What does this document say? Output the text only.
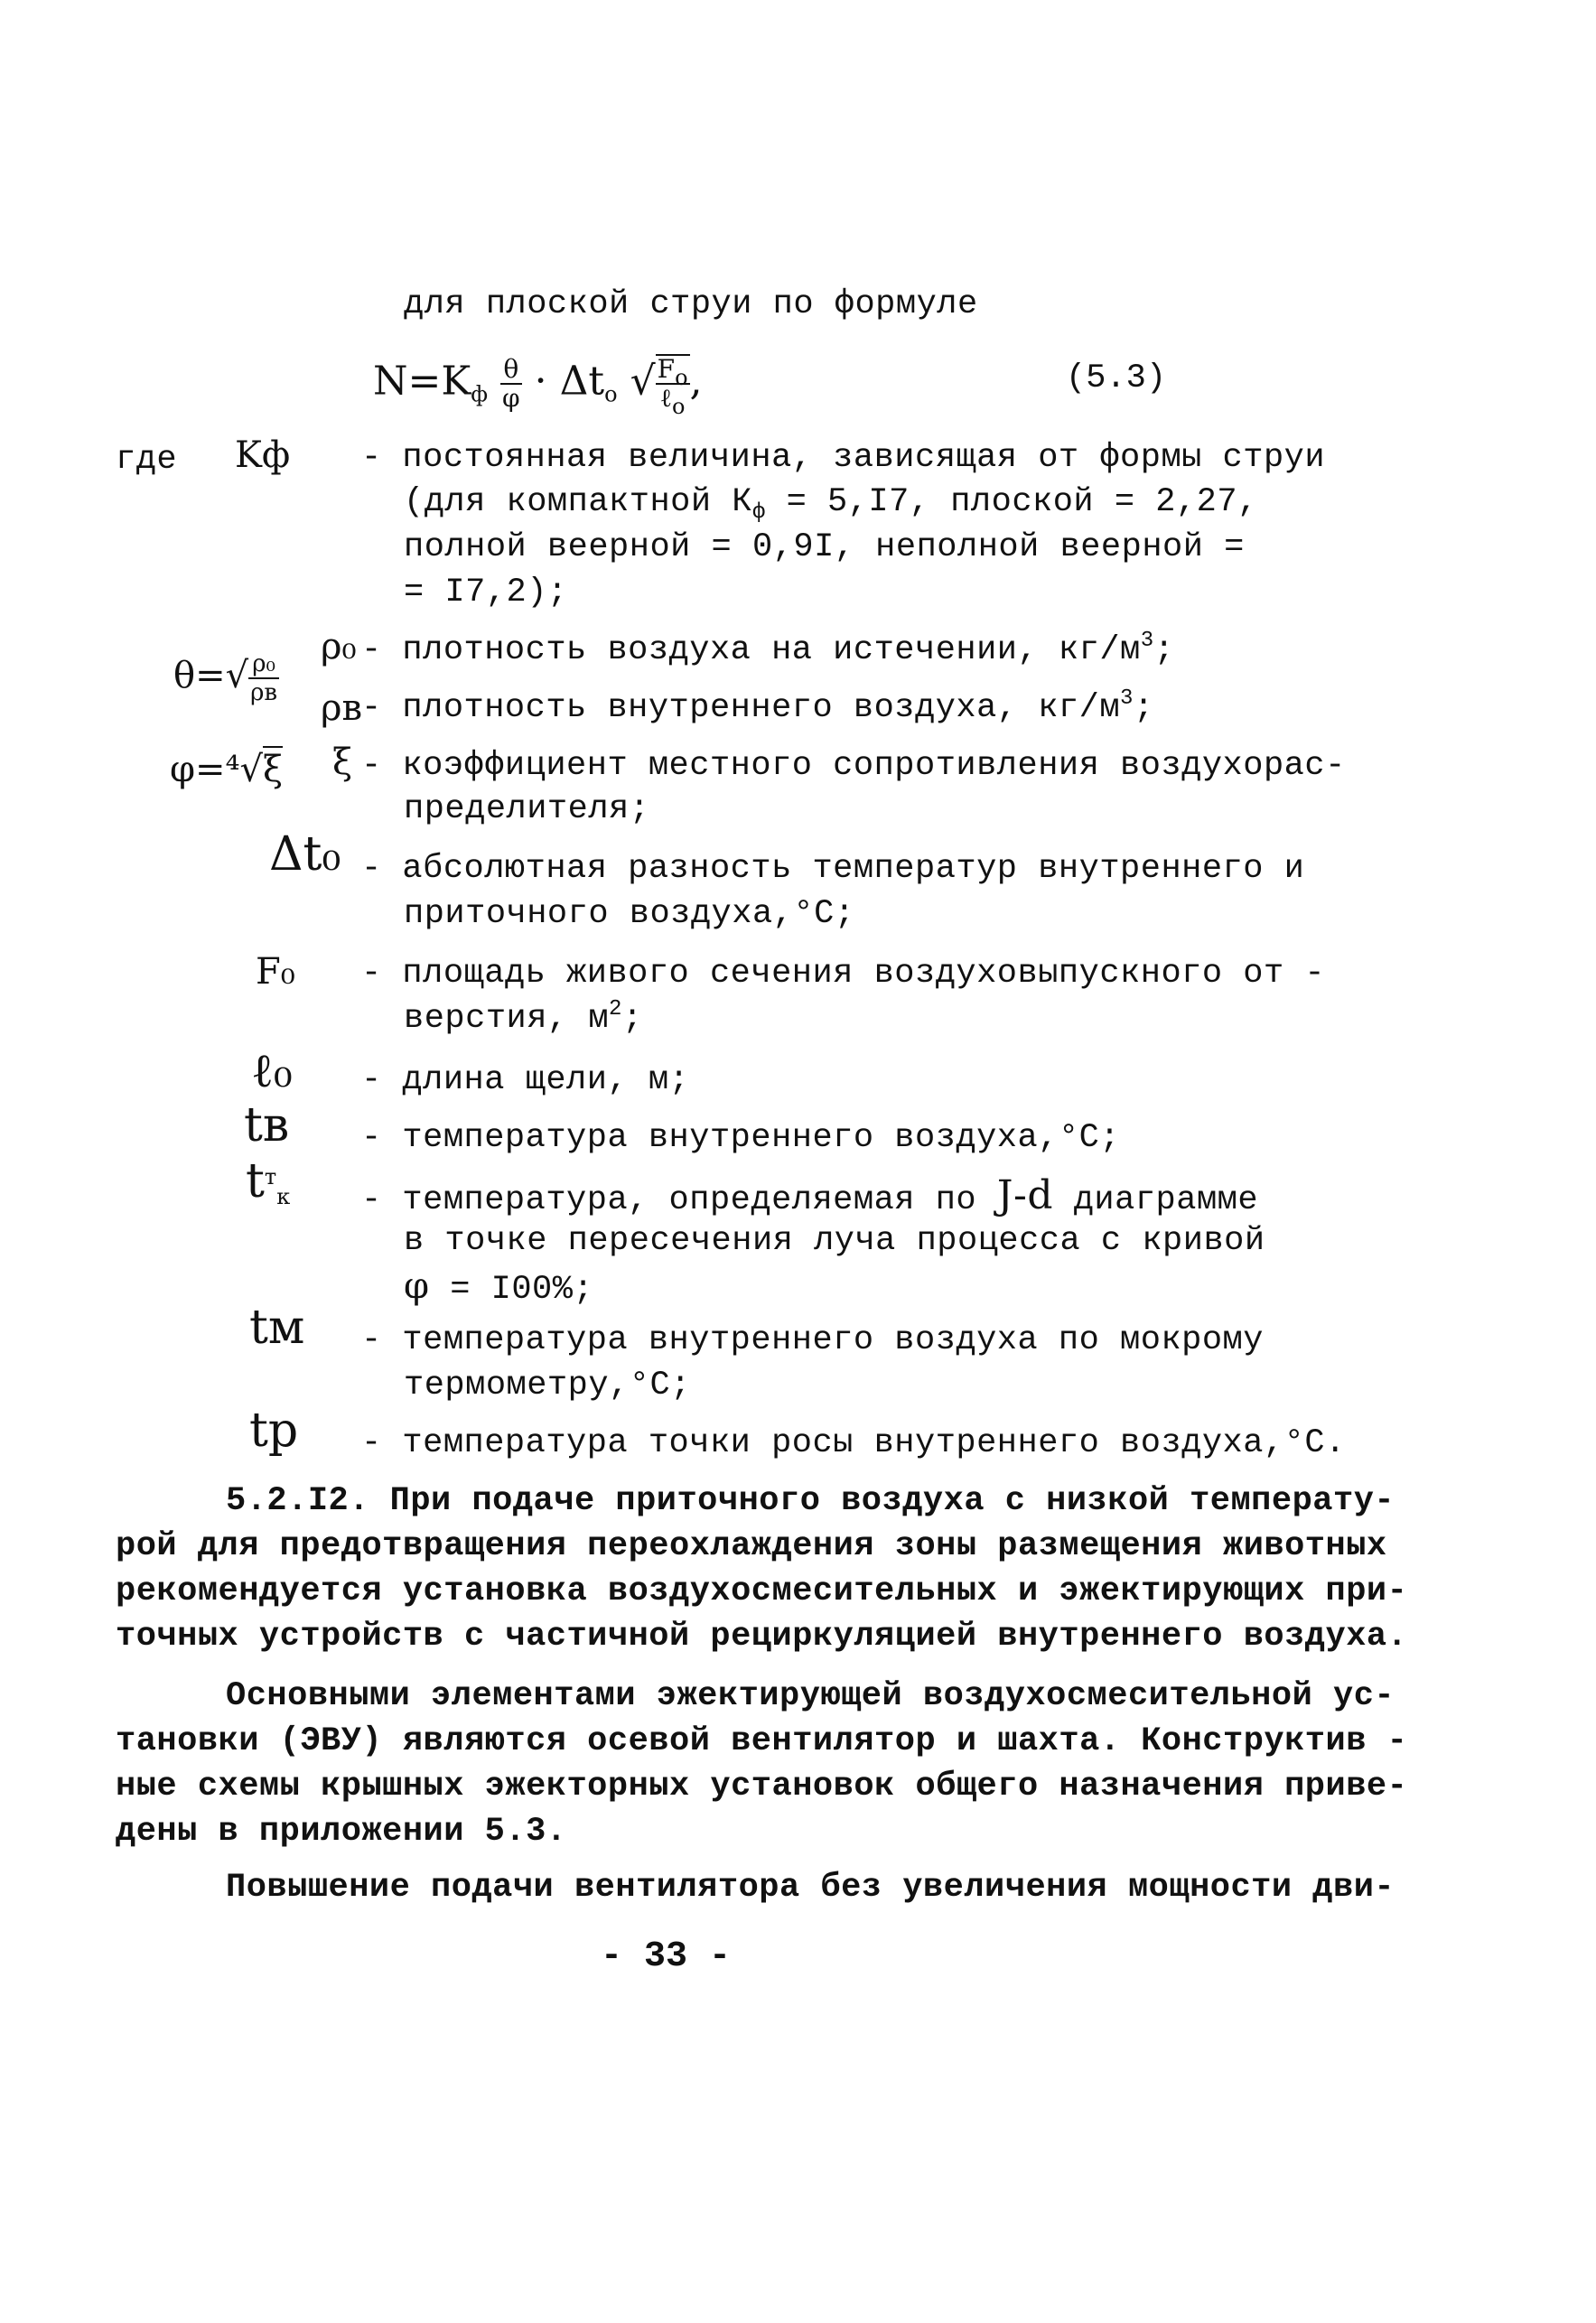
для плоской струи по формуле
$N=K_ф \frac{\theta}{\varphi} \cdot \Delta t_о$ √ $\frac{F_о}{\ell_о}$ ,	(5.3)
где Kф - постоянная величина, зависящая от формы струи
(для компактной $К_ф = 5,I7$, плоской = 2,27,
полной веерной = 0,9I, неполной веерной =
= I7,2);
$\theta=√ \frac{\text{ρ₀}}{\rho в}$
ρ₀ - плотность воздуха на истечении, $кг/м^3$;
ρв
- плотность внутреннего воздуха, $кг/м^3$;
φ=⁴√ξ ξ - коэффициент местного сопротивления воздухорас-
пределителя;
Δt₀ - абсолютная разность температур внутреннего и
приточного воздуха,°С;
F₀ - площадь живого сечения воздуховыпускного от -
верстия, $м^2$;
ℓ₀ - длина щели, м;
tв - температура внутреннего воздуха,°С;
$t^т_к$ - температура, определяемая по J-d диаграмме
в точке пересечения луча процесса с кривой
φ = I00%;
tм - температура внутреннего воздуха по мокрому
термометру,°С;
tр - температура точки росы внутреннего воздуха,°С.
5.2.I2. При подаче приточного воздуха с низкой температу-
рой для предотвращения переохлаждения зоны размещения животных
рекомендуется установка воздухосмесительных и эжектирующих при-
точных устройств с частичной рециркуляцией внутреннего воздуха.
Основными элементами эжектирующей воздухосмесительной ус-
тановки (ЭВУ) являются осевой вентилятор и шахта. Конструктив -
ные схемы крышных эжекторных установок общего назначения приве-
дены в приложении 5.3.
Повышение подачи вентилятора без увеличения мощности дви-
- 33 -
